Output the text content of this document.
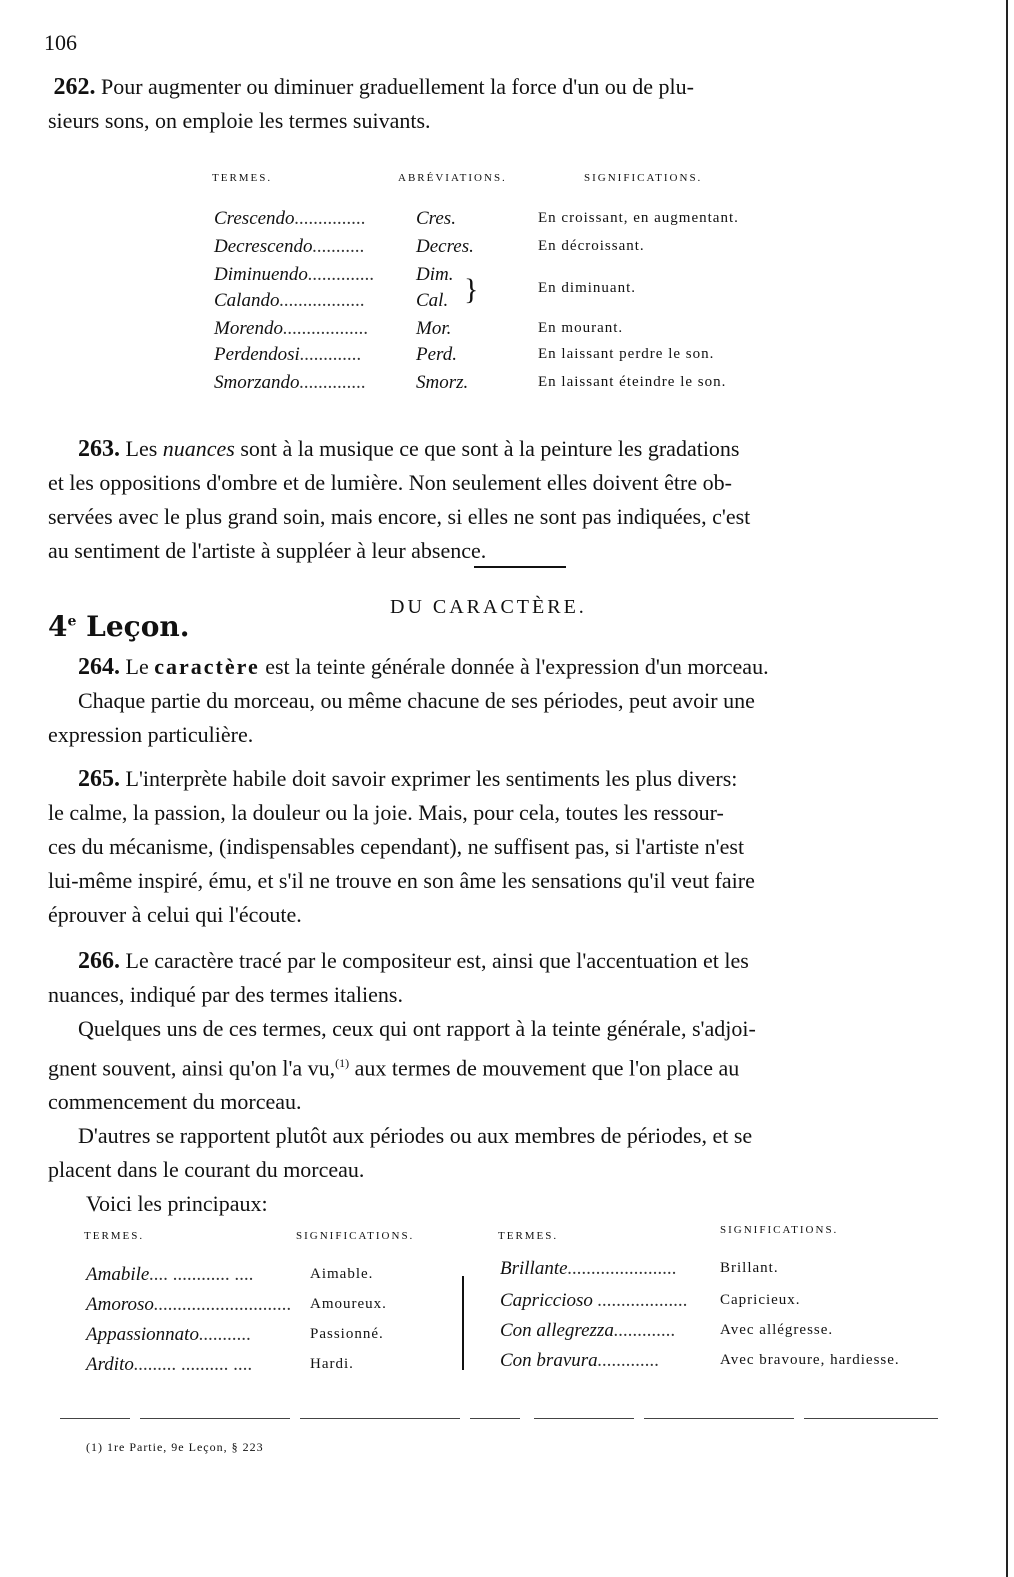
106
262. Pour augmenter ou diminuer graduellement la force d'un ou de plu-
sieurs sons, on emploie les termes suivants.
TERMES.	ABRÉVIATIONS.	SIGNIFICATIONS.
Crescendo...............	Cres.	En croissant, en augmentant.
Decrescendo...........	Decres.	En décroissant.
Diminuendo.............. Dim.
Calando..................	Cal. }	En diminuant.
Morendo..................	Mor.	En mourant.
Perdendosi.............	Perd.	En laissant perdre le son.
Smorzando..............	Smorz.	En laissant éteindre le son.
263. Les nuances sont à la musique ce que sont à la peinture les gradations
et les oppositions d'ombre et de lumière. Non seulement elles doivent être ob-
servées avec le plus grand soin, mais encore, si elles ne sont pas indiquées, c'est
au sentiment de l'artiste à suppléer à leur absence.
4e Leçon.
DU CARACTÈRE.
264. Le caractère est la teinte générale donnée à l'expression d'un morceau.
Chaque partie du morceau, ou même chacune de ses périodes, peut avoir une
expression particulière.
265. L'interprète habile doit savoir exprimer les sentiments les plus divers:
le calme, la passion, la douleur ou la joie. Mais, pour cela, toutes les ressour-
ces du mécanisme, (indispensables cependant), ne suffisent pas, si l'artiste n'est
lui-même inspiré, ému, et s'il ne trouve en son âme les sensations qu'il veut faire
éprouver à celui qui l'écoute.
266. Le caractère tracé par le compositeur est, ainsi que l'accentuation et les
nuances, indiqué par des termes italiens.
Quelques uns de ces termes, ceux qui ont rapport à la teinte générale, s'adjoi-
gnent souvent, ainsi qu'on l'a vu,$^{(1)}$ aux termes de mouvement que l'on place au
commencement du morceau.
D'autres se rapportent plutôt aux périodes ou aux membres de périodes, et se
placent dans le courant du morceau.
Voici les principaux:
TERMES.	SIGNIFICATIONS.	TERMES.	SIGNIFICATIONS.
Amabile.... ............ ....	Aimable.
Amoroso............................. Amoureux.
Appassionnato...........	Passionné.
Ardito......... .......... ....	Hardi.
Brillante.......................	Brillant.
Capriccioso ................... Capricieux.
Con allegrezza.............	Avec allégresse.
Con bravura.............	Avec bravoure, hardiesse.
(1) 1re Partie, 9e Leçon, § 223
